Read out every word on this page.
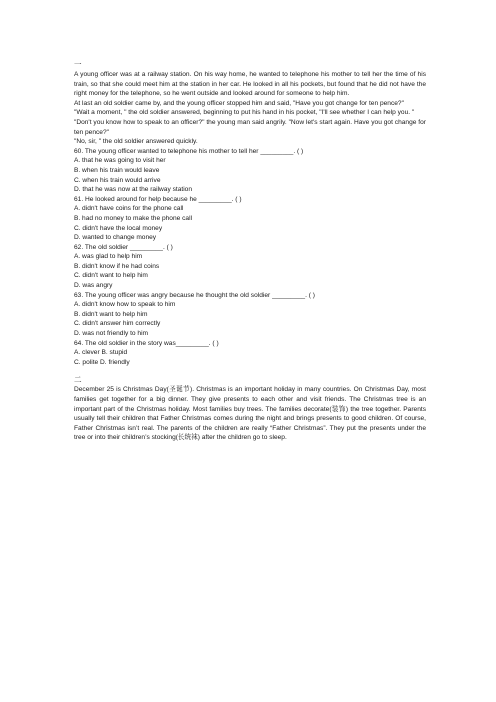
一
A young officer was at a railway station. On his way home, he wanted to telephone his mother to tell her the time of his train, so that she could meet him at the station in her car. He looked in all his pockets, but found that he did not have the right money for the telephone, so he went outside and looked around for someone to help him.
At last an old soldier came by, and the young officer stopped him and said, "Have you got change for ten pence?"
"Wait a moment, " the old soldier answered, beginning to put his hand in his pocket, "I'll see whether I can help you. "
"Don't you know how to speak to an officer?" the young man said angrily. "Now let's start again. Have you got change for ten pence?"
"No, sir, " the old soldier answered quickly.
60. The young officer wanted to telephone his mother to tell her _________. ( )
A. that he was going to visit her
B. when his train would leave
C. when his train would arrive
D. that he was now at the railway station
61. He looked around for help because he _________. ( )
A. didn't have coins for the phone call
B. had no money to make the phone call
C. didn't have the local money
D. wanted to change money
62. The old soldier _________. ( )
A. was glad to help him
B. didn't know if he had coins
C. didn't want to help him
D. was angry
63. The young officer was angry because he thought the old soldier _________. ( )
A. didn't know how to speak to him
B. didn't want to help him
C. didn't answer him correctly
D. was not friendly to him
64. The old soldier in the story was_________. ( )
A. clever B. stupid
C. polite D. friendly
二
December 25 is Christmas Day(圣诞节). Christmas is an important holiday in many countries. On Christmas Day, most families get together for a big dinner. They give presents to each other and visit friends. The Christmas tree is an important part of the Christmas holiday. Most families buy trees. The families decorate(装饰) the tree together. Parents usually tell their children that Father Christmas comes during the night and brings presents to good children. Of course, Father Christmas isn’t real. The parents of the children are really “Father Christmas”. They put the presents under the tree or into their children’s stocking(长统袜) after the children go to sleep.
